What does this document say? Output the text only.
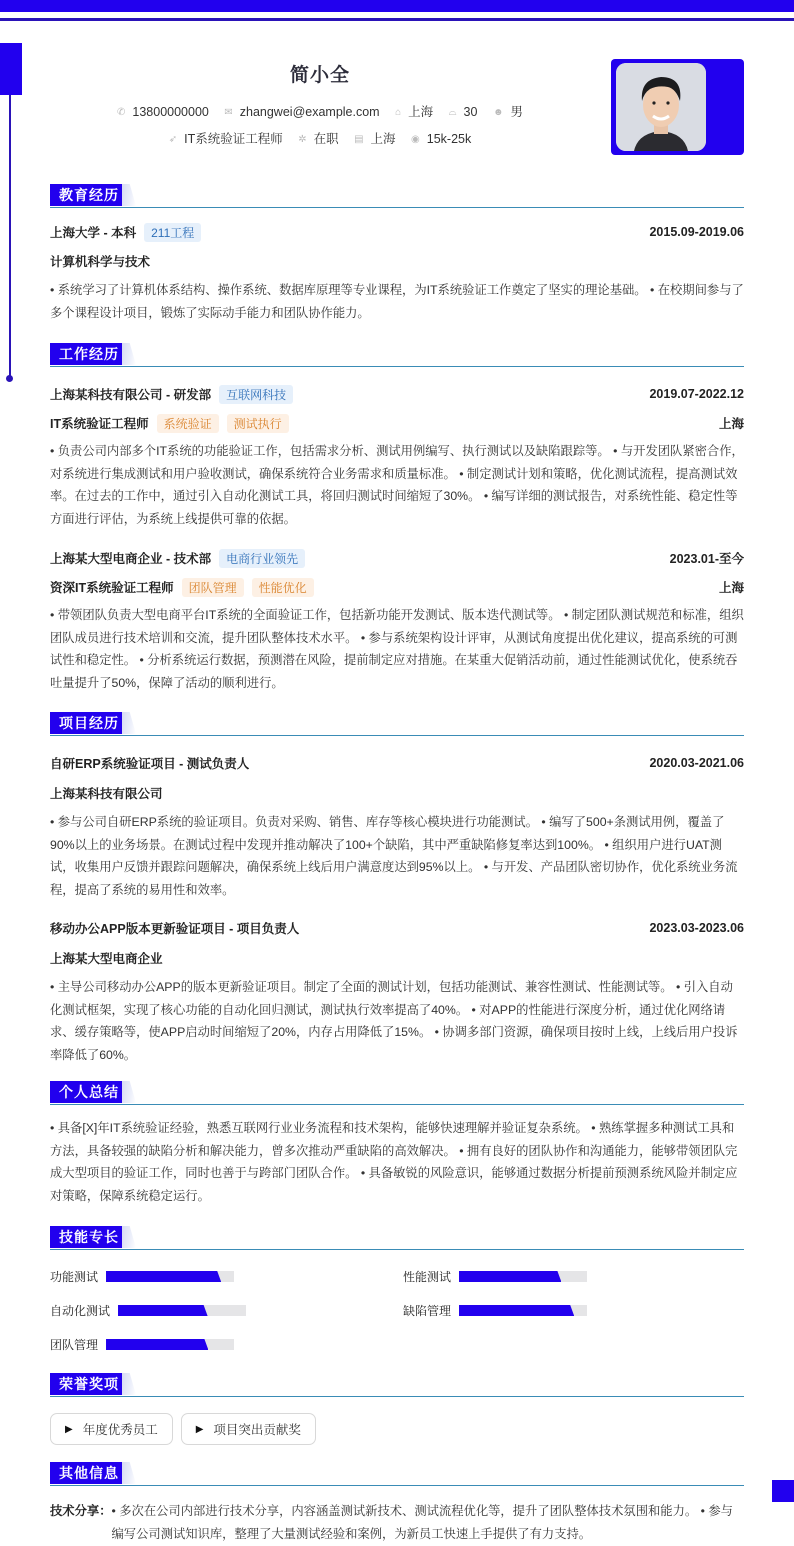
简小全
✆ 13800000000 ✉ zhangwei@example.com ⌂ 上海 ⌓ 30 ☻ 男
➶ IT系统验证工程师 ✲ 在职 ▤ 上海 ◉ 15k-25k
教育经历
上海大学 - 本科	211工程	2015.09-2019.06
计算机科学与技术
• 系统学习了计算机体系结构、操作系统、数据库原理等专业课程，为IT系统验证工作奠定了坚实的理论基础。 • 在校期间参与了多个课程设计项目，锻炼了实际动手能力和团队协作能力。
工作经历
上海某科技有限公司 - 研发部	互联网科技	2019.07-2022.12
IT系统验证工程师	系统验证	测试执行	上海
• 负责公司内部多个IT系统的功能验证工作，包括需求分析、测试用例编写、执行测试以及缺陷跟踪等。 • 与开发团队紧密合作，对系统进行集成测试和用户验收测试，确保系统符合业务需求和质量标准。 • 制定测试计划和策略，优化测试流程，提高测试效率。在过去的工作中，通过引入自动化测试工具，将回归测试时间缩短了30%。 • 编写详细的测试报告，对系统性能、稳定性等方面进行评估，为系统上线提供可靠的依据。
上海某大型电商企业 - 技术部	电商行业领先	2023.01-至今
资深IT系统验证工程师	团队管理	性能优化	上海
• 带领团队负责大型电商平台IT系统的全面验证工作，包括新功能开发测试、版本迭代测试等。 • 制定团队测试规范和标准，组织团队成员进行技术培训和交流，提升团队整体技术水平。 • 参与系统架构设计评审，从测试角度提出优化建议，提高系统的可测试性和稳定性。 • 分析系统运行数据，预测潜在风险，提前制定应对措施。在某重大促销活动前，通过性能测试优化，使系统吞吐量提升了50%，保障了活动的顺利进行。
项目经历
自研ERP系统验证项目 - 测试负责人	2020.03-2021.06
上海某科技有限公司
• 参与公司自研ERP系统的验证项目。负责对采购、销售、库存等核心模块进行功能测试。 • 编写了500+条测试用例，覆盖了90%以上的业务场景。在测试过程中发现并推动解决了100+个缺陷，其中严重缺陷修复率达到100%。 • 组织用户进行UAT测试，收集用户反馈并跟踪问题解决，确保系统上线后用户满意度达到95%以上。 • 与开发、产品团队密切协作，优化系统业务流程，提高了系统的易用性和效率。
移动办公APP版本更新验证项目 - 项目负责人	2023.03-2023.06
上海某大型电商企业
• 主导公司移动办公APP的版本更新验证项目。制定了全面的测试计划，包括功能测试、兼容性测试、性能测试等。 • 引入自动化测试框架，实现了核心功能的自动化回归测试，测试执行效率提高了40%。 • 对APP的性能进行深度分析，通过优化网络请求、缓存策略等，使APP启动时间缩短了20%，内存占用降低了15%。 • 协调多部门资源，确保项目按时上线，上线后用户投诉率降低了60%。
个人总结
• 具备[X]年IT系统验证经验，熟悉互联网行业业务流程和技术架构，能够快速理解并验证复杂系统。 • 熟练掌握多种测试工具和方法，具备较强的缺陷分析和解决能力，曾多次推动严重缺陷的高效解决。 • 拥有良好的团队协作和沟通能力，能够带领团队完成大型项目的验证工作，同时也善于与跨部门团队合作。 • 具备敏锐的风险意识，能够通过数据分析提前预测系统风险并制定应对策略，保障系统稳定运行。
技能专长
功能测试	性能测试
自动化测试	缺陷管理
团队管理
荣誉奖项
▶ 年度优秀员工	▶ 项目突出贡献奖
其他信息
技术分享： • 多次在公司内部进行技术分享，内容涵盖测试新技术、测试流程优化等，提升了团队整体技术氛围和能力。 • 参与编写公司测试知识库，整理了大量测试经验和案例，为新员工快速上手提供了有力支持。
